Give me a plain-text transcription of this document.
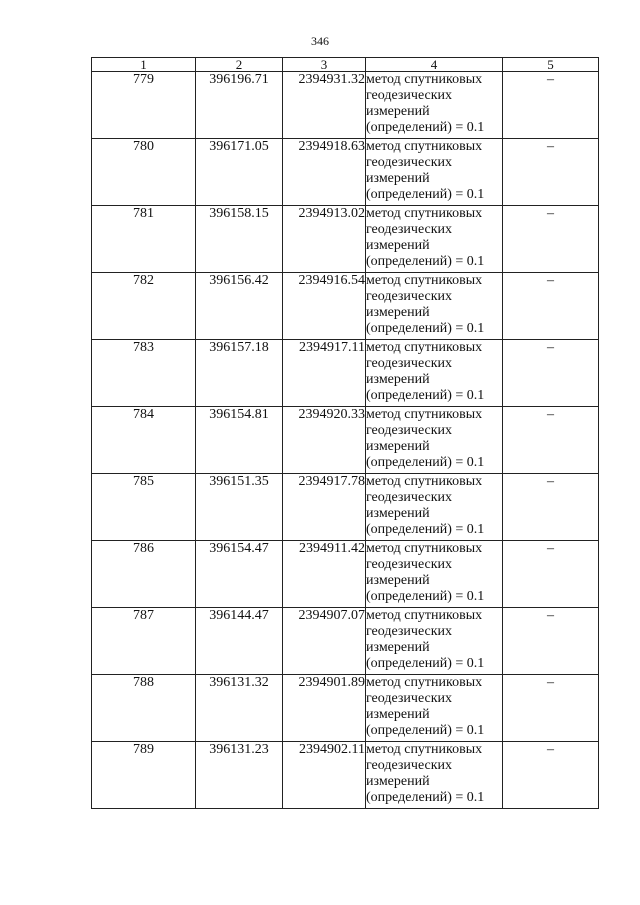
346
1	2	3	4	5
779	396196.71	2394931.32	метод спутниковых
геодезических
измерений
(определений) = 0.1	–
780	396171.05	2394918.63	метод спутниковых
геодезических
измерений
(определений) = 0.1	–
781	396158.15	2394913.02	метод спутниковых
геодезических
измерений
(определений) = 0.1	–
782	396156.42	2394916.54	метод спутниковых
геодезических
измерений
(определений) = 0.1	–
783	396157.18	2394917.11	метод спутниковых
геодезических
измерений
(определений) = 0.1	–
784	396154.81	2394920.33	метод спутниковых
геодезических
измерений
(определений) = 0.1	–
785	396151.35	2394917.78	метод спутниковых
геодезических
измерений
(определений) = 0.1	–
786	396154.47	2394911.42	метод спутниковых
геодезических
измерений
(определений) = 0.1	–
787	396144.47	2394907.07	метод спутниковых
геодезических
измерений
(определений) = 0.1	–
788	396131.32	2394901.89	метод спутниковых
геодезических
измерений
(определений) = 0.1	–
789	396131.23	2394902.11	метод спутниковых
геодезических
измерений
(определений) = 0.1	–
